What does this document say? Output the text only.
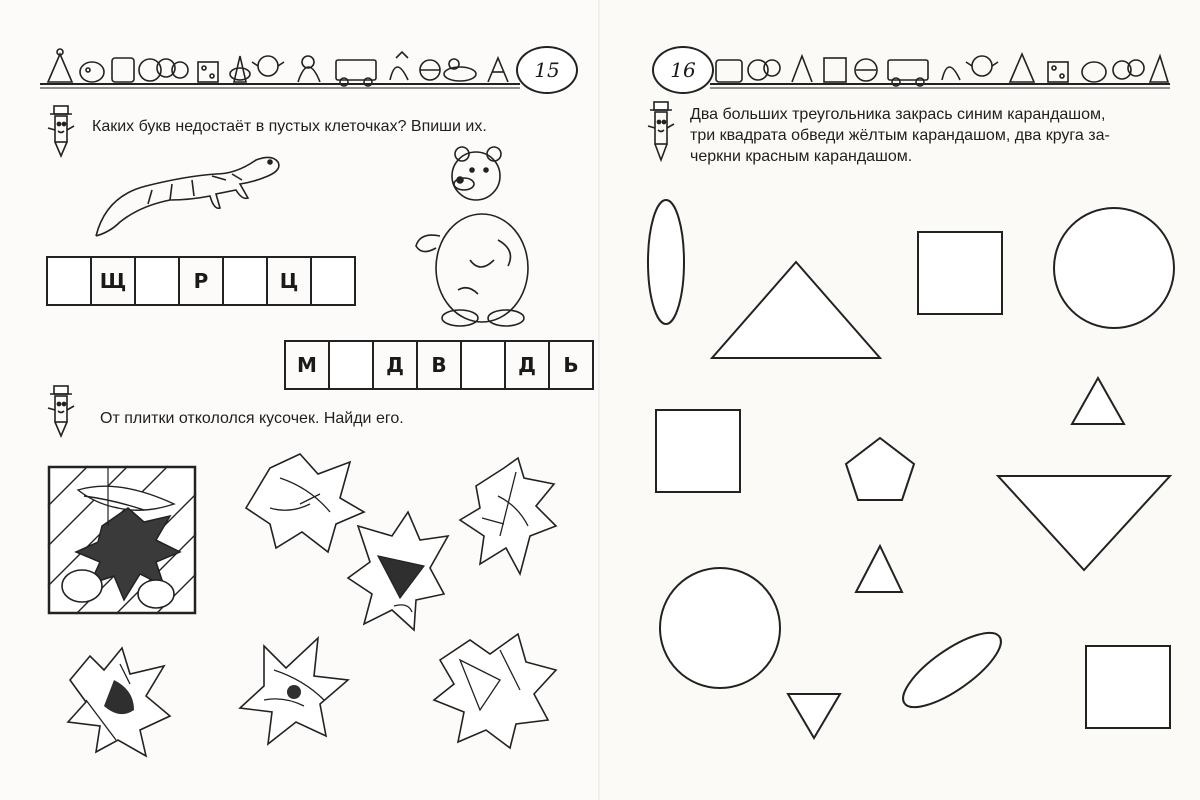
15
Каких букв недостаёт в пустых клеточках? Впиши их.
Щ	Р	Ц
М	Д	В	Д	Ь
От плитки откололся кусочек. Найди его.
16
Два больших треугольника закрась синим карандашом,
три квадрата обведи жёлтым карандашом, два круга за-
черкни красным карандашом.
